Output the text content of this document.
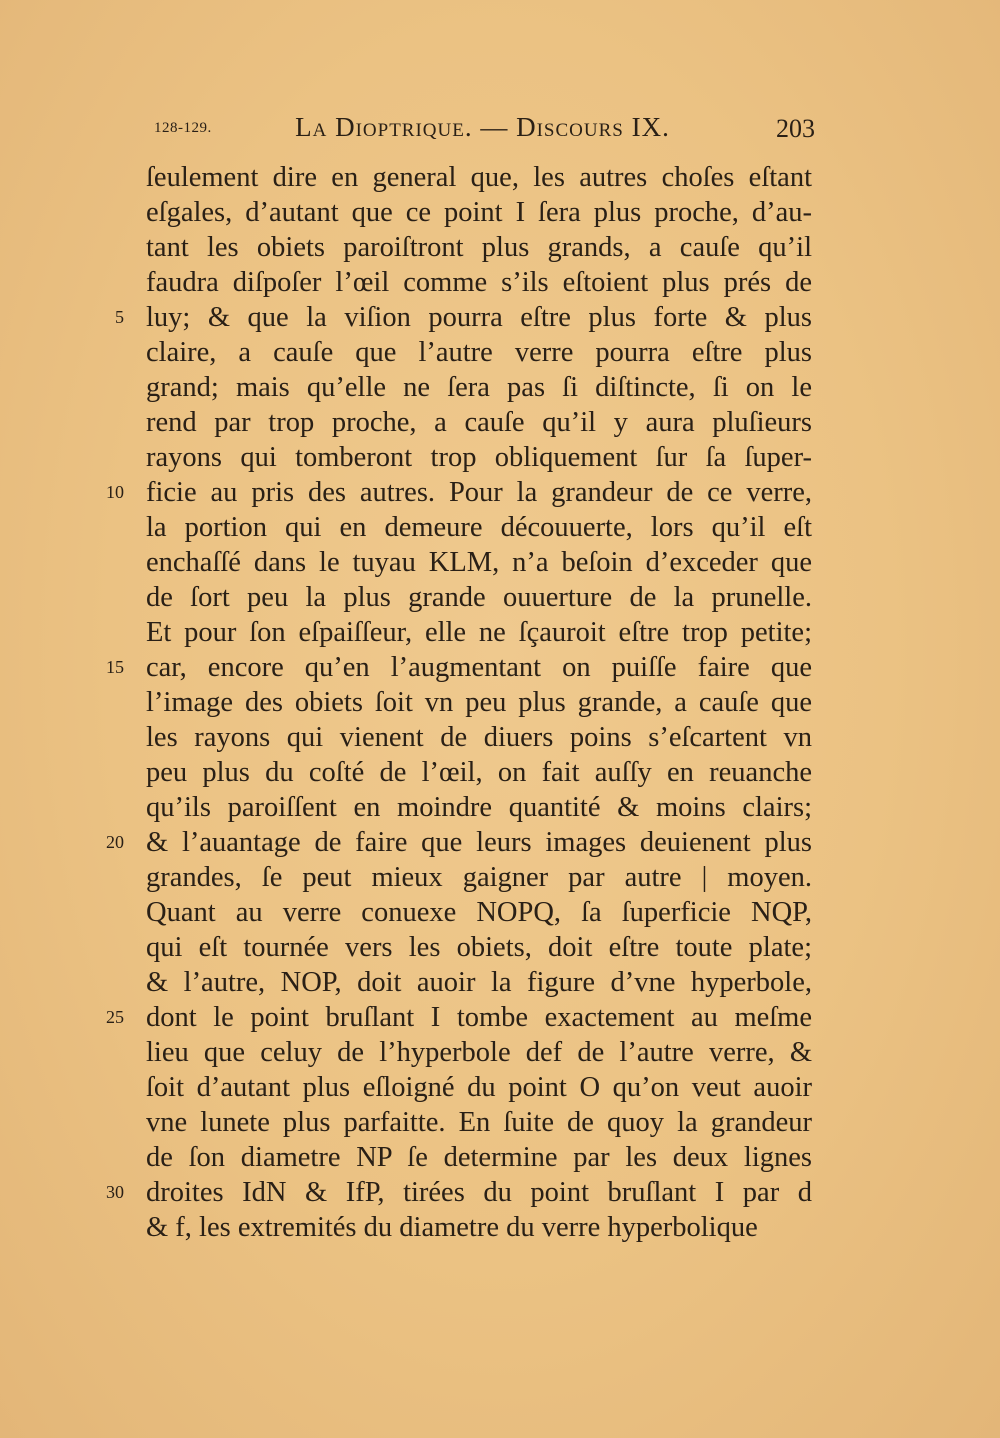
128-129.	La Dioptrique. — Discours IX.	203
ſeulement dire en general que, les autres choſes eſtant
eſgales, d’autant que ce point I ſera plus proche, d’au-
tant les obiets paroiſtront plus grands, a cauſe qu’il
faudra diſpoſer l’œil comme s’ils eſtoient plus prés de
5 luy; & que la viſion pourra eſtre plus forte & plus
claire, a cauſe que l’autre verre pourra eſtre plus
grand; mais qu’elle ne ſera pas ſi diſtincte, ſi on le
rend par trop proche, a cauſe qu’il y aura pluſieurs
rayons qui tomberont trop obliquement ſur ſa ſuper-
10 ficie au pris des autres. Pour la grandeur de ce verre,
la portion qui en demeure découuerte, lors qu’il eſt
enchaſſé dans le tuyau KLM, n’a beſoin d’exceder que
de ſort peu la plus grande ouuerture de la prunelle.
Et pour ſon eſpaiſſeur, elle ne ſçauroit eſtre trop petite;
15 car, encore qu’en l’augmentant on puiſſe faire que
l’image des obiets ſoit vn peu plus grande, a cauſe que
les rayons qui vienent de diuers poins s’eſcartent vn
peu plus du coſté de l’œil, on fait auſſy en reuanche
qu’ils paroiſſent en moindre quantité & moins clairs;
20 & l’auantage de faire que leurs images deuienent plus
grandes, ſe peut mieux gaigner par autre | moyen.
Quant au verre conuexe NOPQ, ſa ſuperficie NQP,
qui eſt tournée vers les obiets, doit eſtre toute plate;
& l’autre, NOP, doit auoir la figure d’vne hyperbole,
25 dont le point bruſlant I tombe exactement au meſme
lieu que celuy de l’hyperbole def de l’autre verre, &
ſoit d’autant plus eſloigné du point O qu’on veut auoir
vne lunete plus parfaitte. En ſuite de quoy la grandeur
de ſon diametre NP ſe determine par les deux lignes
30 droites IdN & IfP, tirées du point bruſlant I par d
& f, les extremités du diametre du verre hyperbolique
